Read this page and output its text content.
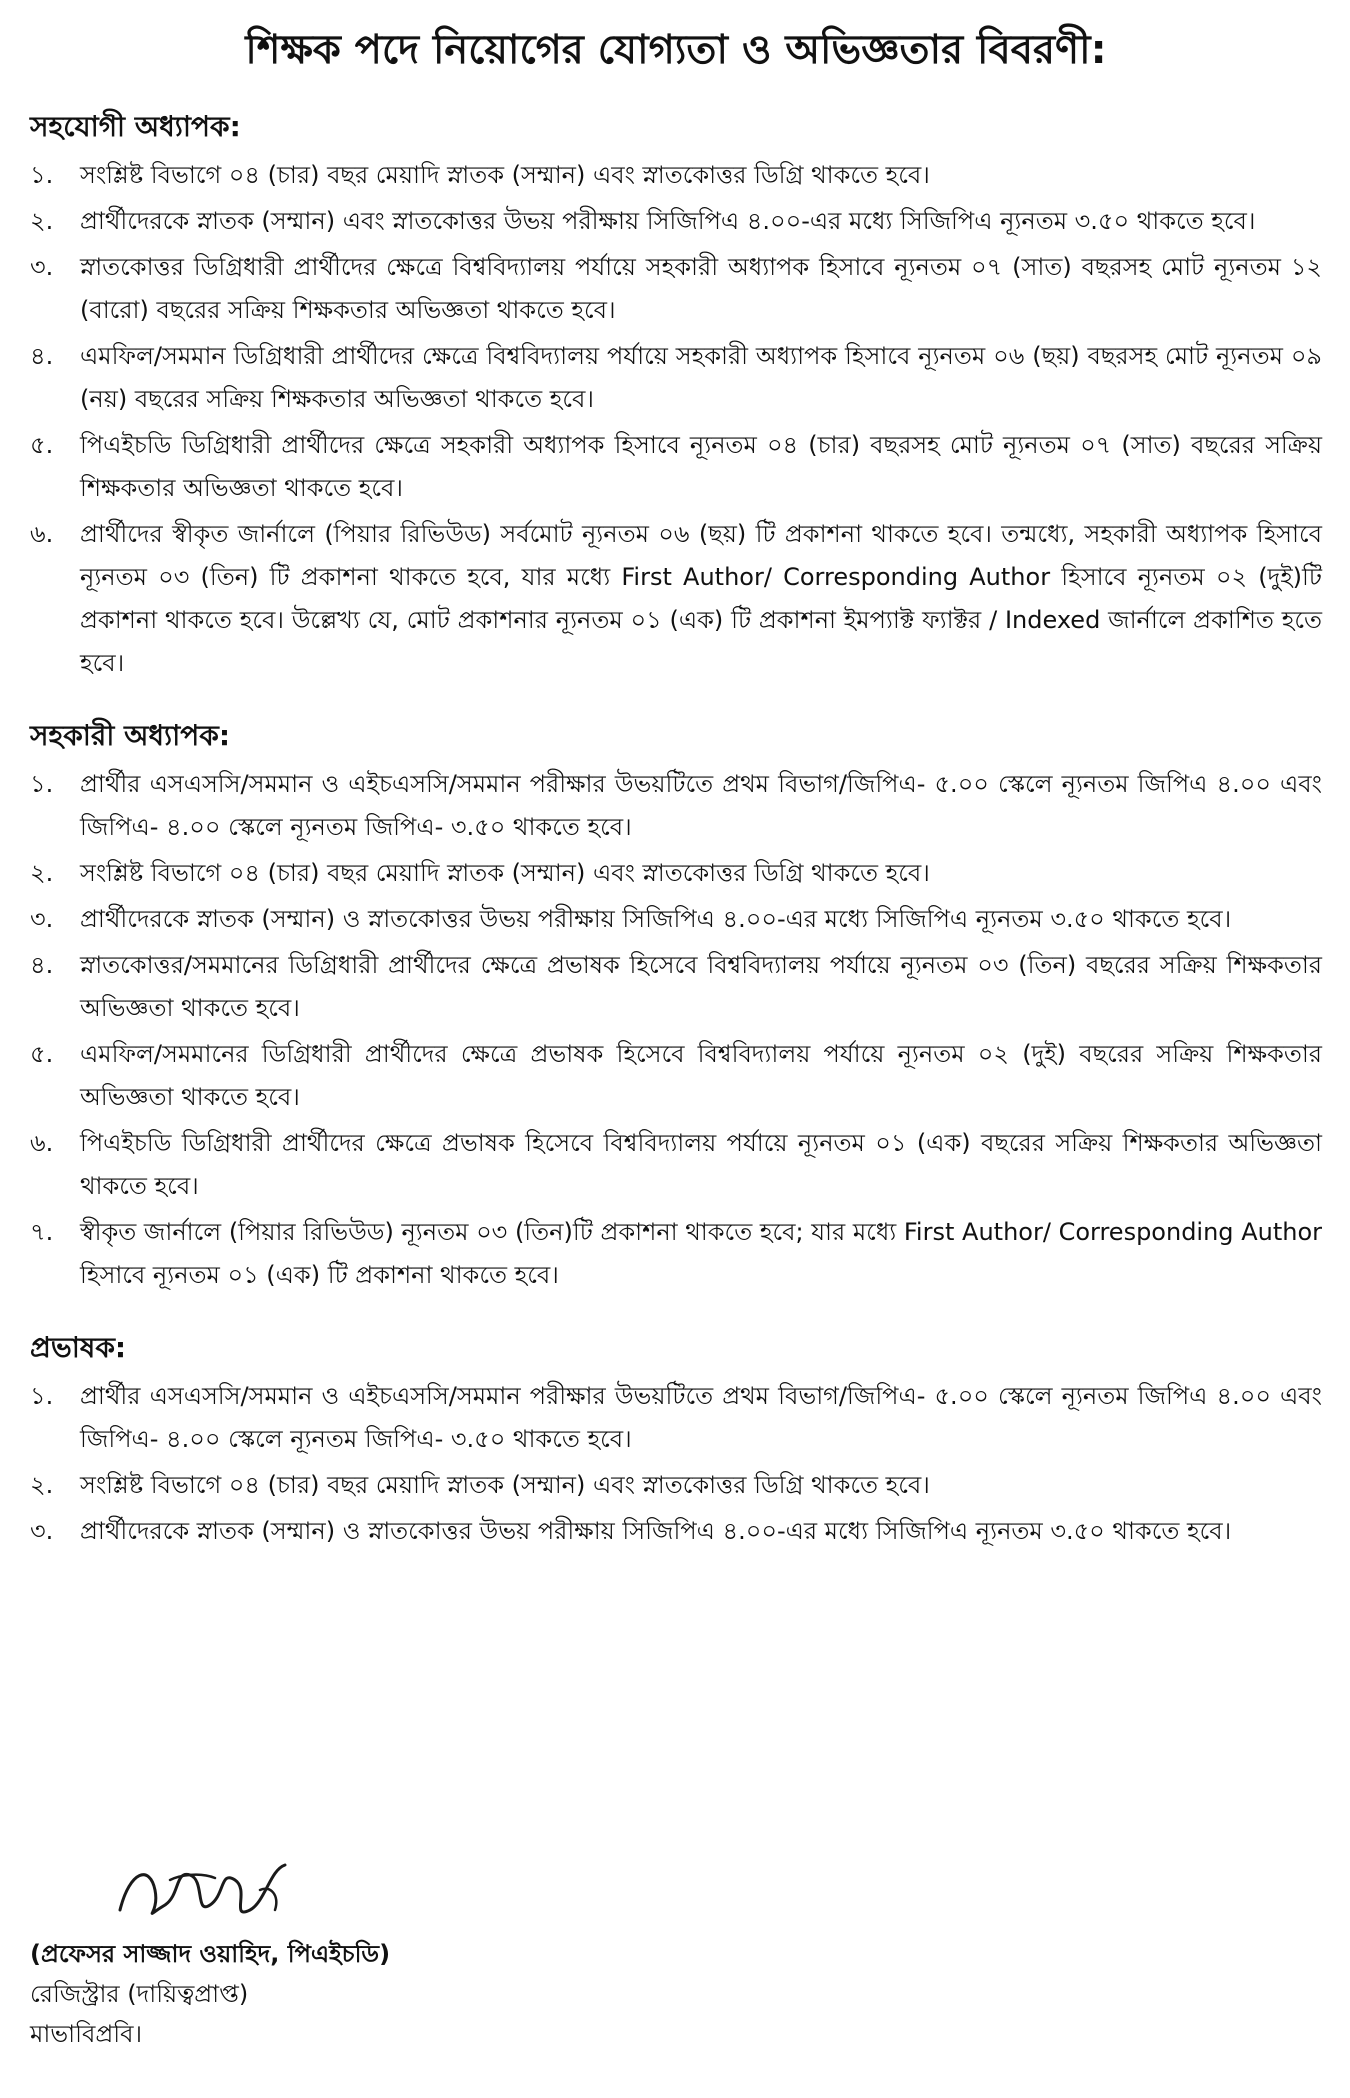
শিক্ষক পদে নিয়োগের যোগ্যতা ও অভিজ্ঞতার বিবরণী:
সহযোগী অধ্যাপক:
১.	সংশ্লিষ্ট বিভাগে ০৪ (চার) বছর মেয়াদি স্নাতক (সম্মান) এবং স্নাতকোত্তর ডিগ্রি থাকতে হবে।
২.	প্রার্থীদেরকে স্নাতক (সম্মান) এবং স্নাতকোত্তর উভয় পরীক্ষায় সিজিপিএ ৪.০০-এর মধ্যে সিজিপিএ ন্যূনতম ৩.৫০ থাকতে হবে।
৩.	স্নাতকোত্তর ডিগ্রিধারী প্রার্থীদের ক্ষেত্রে বিশ্ববিদ্যালয় পর্যায়ে সহকারী অধ্যাপক হিসাবে ন্যূনতম ০৭ (সাত) বছরসহ মোট ন্যূনতম ১২ (বারো) বছরের সক্রিয় শিক্ষকতার অভিজ্ঞতা থাকতে হবে।
৪.	এমফিল/সমমান ডিগ্রিধারী প্রার্থীদের ক্ষেত্রে বিশ্ববিদ্যালয় পর্যায়ে সহকারী অধ্যাপক হিসাবে ন্যূনতম ০৬ (ছয়) বছরসহ মোট ন্যূনতম ০৯ (নয়) বছরের সক্রিয় শিক্ষকতার অভিজ্ঞতা থাকতে হবে।
৫.	পিএইচডি ডিগ্রিধারী প্রার্থীদের ক্ষেত্রে সহকারী অধ্যাপক হিসাবে ন্যূনতম ০৪ (চার) বছরসহ মোট ন্যূনতম ০৭ (সাত) বছরের সক্রিয় শিক্ষকতার অভিজ্ঞতা থাকতে হবে।
৬.	প্রার্থীদের স্বীকৃত জার্নালে (পিয়ার রিভিউড) সর্বমোট ন্যূনতম ০৬ (ছয়) টি প্রকাশনা থাকতে হবে। তন্মধ্যে, সহকারী অধ্যাপক হিসাবে ন্যূনতম ০৩ (তিন) টি প্রকাশনা থাকতে হবে, যার মধ্যে First Author/ Corresponding Author হিসাবে ন্যূনতম ০২ (দুই)টি প্রকাশনা থাকতে হবে। উল্লেখ্য যে, মোট প্রকাশনার ন্যূনতম ০১ (এক) টি প্রকাশনা ইমপ্যাক্ট ফ্যাক্টর / Indexed জার্নালে প্রকাশিত হতে হবে।
সহকারী অধ্যাপক:
১.	প্রার্থীর এসএসসি/সমমান ও এইচএসসি/সমমান পরীক্ষার উভয়টিতে প্রথম বিভাগ/জিপিএ- ৫.০০ স্কেলে ন্যূনতম জিপিএ ৪.০০ এবং জিপিএ- ৪.০০ স্কেলে ন্যূনতম জিপিএ- ৩.৫০ থাকতে হবে।
২.	সংশ্লিষ্ট বিভাগে ০৪ (চার) বছর মেয়াদি স্নাতক (সম্মান) এবং স্নাতকোত্তর ডিগ্রি থাকতে হবে।
৩.	প্রার্থীদেরকে স্নাতক (সম্মান) ও স্নাতকোত্তর উভয় পরীক্ষায় সিজিপিএ ৪.০০-এর মধ্যে সিজিপিএ ন্যূনতম ৩.৫০ থাকতে হবে।
৪.	স্নাতকোত্তর/সমমানের ডিগ্রিধারী প্রার্থীদের ক্ষেত্রে প্রভাষক হিসেবে বিশ্ববিদ্যালয় পর্যায়ে ন্যূনতম ০৩ (তিন) বছরের সক্রিয় শিক্ষকতার অভিজ্ঞতা থাকতে হবে।
৫.	এমফিল/সমমানের ডিগ্রিধারী প্রার্থীদের ক্ষেত্রে প্রভাষক হিসেবে বিশ্ববিদ্যালয় পর্যায়ে ন্যূনতম ০২ (দুই) বছরের সক্রিয় শিক্ষকতার অভিজ্ঞতা থাকতে হবে।
৬.	পিএইচডি ডিগ্রিধারী প্রার্থীদের ক্ষেত্রে প্রভাষক হিসেবে বিশ্ববিদ্যালয় পর্যায়ে ন্যূনতম ০১ (এক) বছরের সক্রিয় শিক্ষকতার অভিজ্ঞতা থাকতে হবে।
৭.	স্বীকৃত জার্নালে (পিয়ার রিভিউড) ন্যূনতম ০৩ (তিন)টি প্রকাশনা থাকতে হবে; যার মধ্যে First Author/ Corresponding Author হিসাবে ন্যূনতম ০১ (এক) টি প্রকাশনা থাকতে হবে।
প্রভাষক:
১.	প্রার্থীর এসএসসি/সমমান ও এইচএসসি/সমমান পরীক্ষার উভয়টিতে প্রথম বিভাগ/জিপিএ- ৫.০০ স্কেলে ন্যূনতম জিপিএ ৪.০০ এবং জিপিএ- ৪.০০ স্কেলে ন্যূনতম জিপিএ- ৩.৫০ থাকতে হবে।
২.	সংশ্লিষ্ট বিভাগে ০৪ (চার) বছর মেয়াদি স্নাতক (সম্মান) এবং স্নাতকোত্তর ডিগ্রি থাকতে হবে।
৩.	প্রার্থীদেরকে স্নাতক (সম্মান) ও স্নাতকোত্তর উভয় পরীক্ষায় সিজিপিএ ৪.০০-এর মধ্যে সিজিপিএ ন্যূনতম ৩.৫০ থাকতে হবে।
(প্রফেসর সাজ্জাদ ওয়াহিদ, পিএইচডি)
রেজিস্ট্রার (দায়িত্বপ্রাপ্ত)
মাভাবিপ্রবি।
